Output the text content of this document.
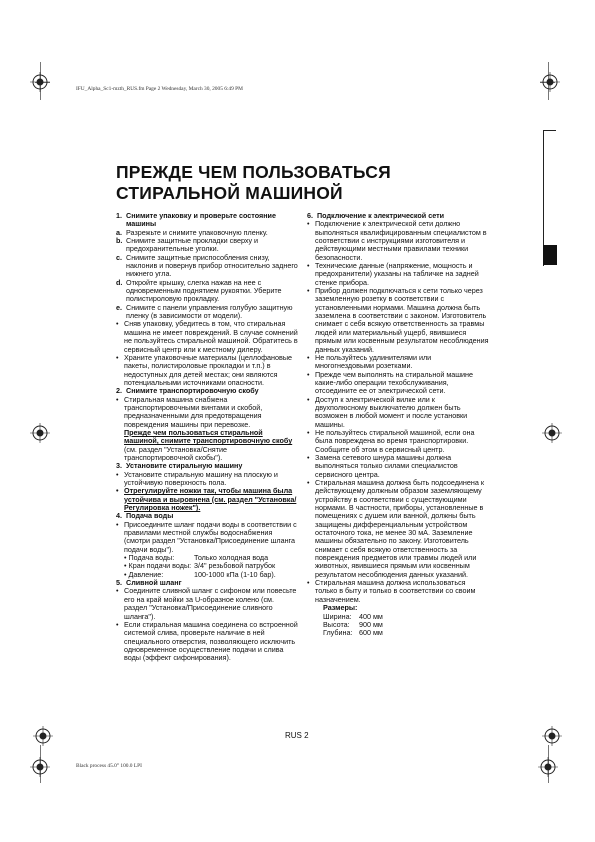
IFU_Alpha_Sc1-mzth_RUS.fm Page 2 Wednesday, March 30, 2005 6:49 PM
ПРЕЖДЕ ЧЕМ ПОЛЬЗОВАТЬСЯ
СТИРАЛЬНОЙ МАШИНОЙ
1. Снимите упаковку и проверьте состояние машины
a. Разрежьте и снимите упаковочную пленку.
b. Снимите защитные прокладки сверху и предохранительные уголки.
c. Снимите защитные приспособления снизу, наклонив и повернув прибор относительно заднего нижнего угла.
d. Откройте крышку, слегка нажав на нее с одновременным поднятием рукоятки. Уберите полистироловую прокладку.
e. Снимите с панели управления голубую защитную пленку (в зависимости от модели).
• Сняв упаковку, убедитесь в том, что стиральная машина не имеет повреждений. В случае сомнений не пользуйтесь стиральной машиной. Обратитесь в сервисный центр или к местному дилеру.
• Храните упаковочные материалы (целлофановые пакеты, полистироловые прокладки и т.п.) в недоступных для детей местах; они являются потенциальными источниками опасности.
2. Снимите транспортировочную скобу
• Стиральная машина снабжена транспортировочными винтами и скобой, предназначенными для предотвращения повреждения машины при перевозке.
Прежде чем пользоваться стиральной машиной, снимите транспортировочную скобу
(см. раздел "Установка/Снятие транспортировочной скобы").
3. Установите стиральную машину
• Установите стиральную машину на плоскую и устойчивую поверхность пола.
• Отрегулируйте ножки так, чтобы машина была устойчива и выровнена (см. раздел "Установка/Регулировка ножек").
4. Подача воды
• Присоедините шланг подачи воды в соответствии с правилами местной службы водоснабжения (смотри раздел "Установка/Присоединение шланга подачи воды").
• Подача воды:	Только холодная вода
• Кран подачи воды: 3/4" резьбовой патрубок
• Давление:	100-1000 кПа (1-10 бар).
5. Сливной шланг
• Соедините сливной шланг с сифоном или повесьте его на край мойки за U-образное колено (см. раздел "Установка/Присоединение сливного шланга").
• Если стиральная машина соединена со встроенной системой слива, проверьте наличие в ней специального отверстия, позволяющего исключить одновременное осуществление подачи и слива воды (эффект сифонирования).
6. Подключение к электрической сети
• Подключение к электрической сети должно выполняться квалифицированным специалистом в соответствии с инструкциями изготовителя и действующими местными правилами техники безопасности.
• Технические данные (напряжение, мощность и предохранители) указаны на табличке на задней стенке прибора.
• Прибор должен подключаться к сети только через заземленную розетку в соответствии с установленными нормами. Машина должна быть заземлена в соответствии с законом. Изготовитель снимает с себя всякую ответственность за травмы людей или материальный ущерб, явившиеся прямым или косвенным результатом несоблюдения данных указаний.
• Не пользуйтесь удлинителями или многогнездовыми розетками.
• Прежде чем выполнять на стиральной машине какие-либо операции техобслуживания, отсоедините ее от электрической сети.
• Доступ к электрической вилке или к двухполюсному выключателю должен быть возможен в любой момент и после установки машины.
• Не пользуйтесь стиральной машиной, если она была повреждена во время транспортировки. Сообщите об этом в сервисный центр.
• Замена сетевого шнура машины должна выполняться только силами специалистов сервисного центра.
• Стиральная машина должна быть подсоединена к действующему должным образом заземляющему устройству в соответствии с существующими нормами. В частности, приборы, установленные в помещениях с душем или ванной, должны быть защищены дифференциальным устройством остаточного тока, не менее 30 мА. Заземление машины обязательно по закону. Изготовитель снимает с себя всякую ответственность за повреждения предметов или травмы людей или животных, явившиеся прямым или косвенным результатом несоблюдения данных указаний.
• Стиральная машина должна использоваться только в быту и только в соответствии со своим назначением.
Размеры:
Ширина:	400 мм
Высота:	900 мм
Глубина: 600 мм
RUS 2
Black process 45.0° 100.0 LPI
